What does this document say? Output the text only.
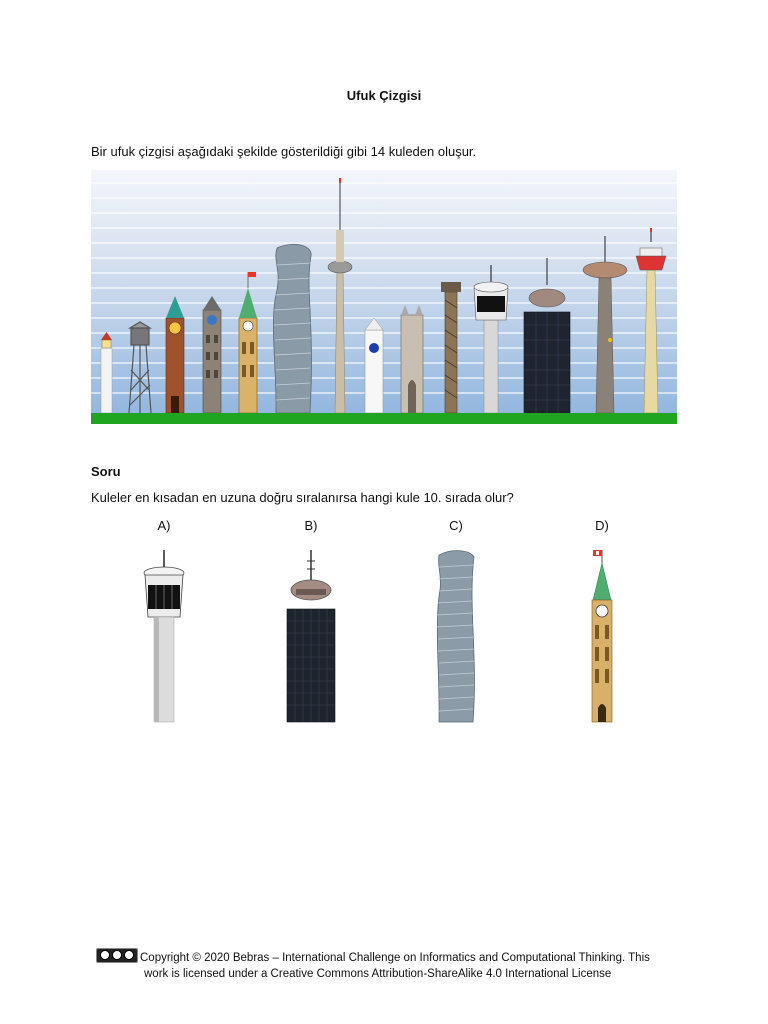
Ufuk Çizgisi
Bir ufuk çizgisi aşağıdaki şekilde gösterildiği gibi 14 kuleden oluşur.
Soru
Kuleler en kısadan en uzuna doğru sıralanırsa hangi kule 10. sırada olur?
A)	B)	C)	D)
Copyright © 2020 Bebras – International Challenge on Informatics and Computational Thinking. This
work is licensed under a Creative Commons Attribution-ShareAlike 4.0 International License
